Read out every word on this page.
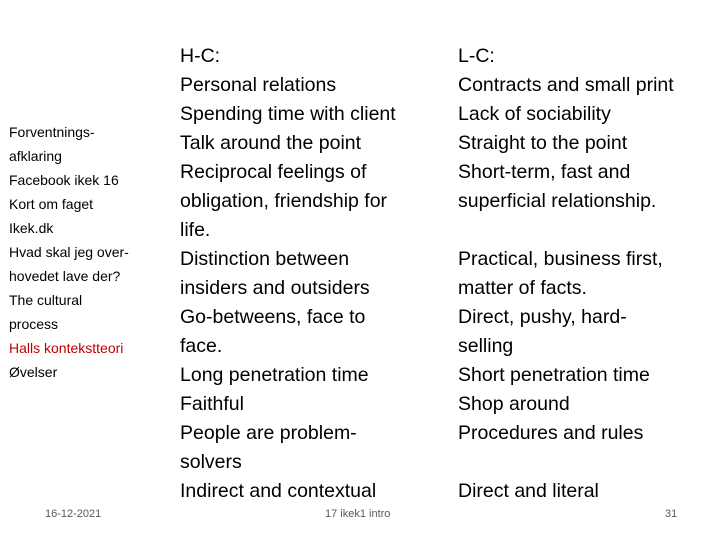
Forventnings-
afklaring
Facebook ikek 16
Kort om faget
Ikek.dk
Hvad skal jeg over-
hovedet lave der?
The cultural
process
Halls kontekstteori
Øvelser
H-C:
Personal relations
Spending time with client
Talk around the point
Reciprocal feelings of
obligation, friendship for
life.
Distinction between
insiders and outsiders
Go-betweens, face to
face.
Long penetration time
Faithful
People are problem-
solvers
Indirect and contextual
L-C:
Contracts and small print
Lack of sociability
Straight to the point
Short-term, fast and
superficial relationship.
Practical, business first,
matter of facts.
Direct, pushy, hard-
selling
Short penetration time
Shop around
Procedures and rules
Direct and literal
16-12-2021	17 ikek1 intro	31
